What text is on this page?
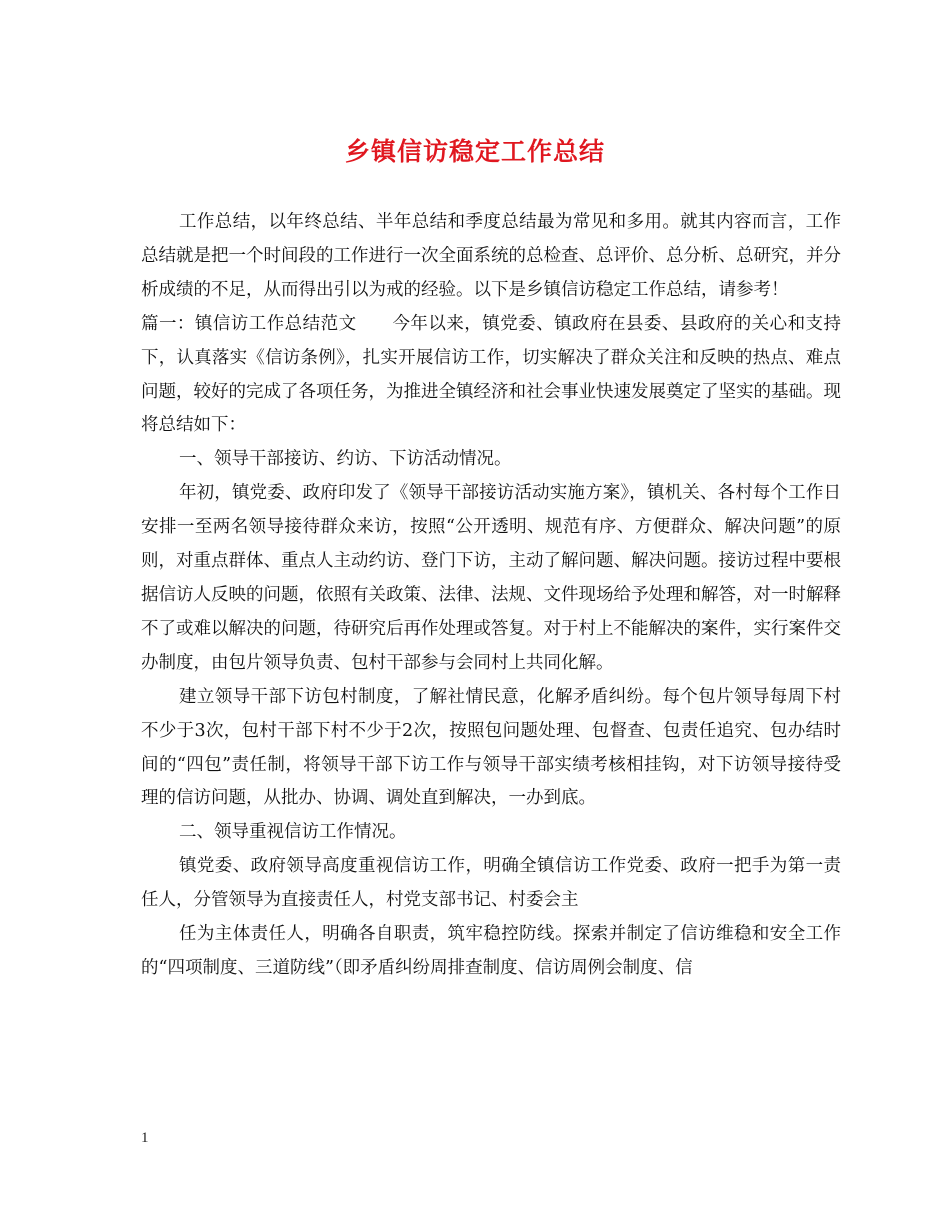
乡镇信访稳定工作总结

工作总结，以年终总结、半年总结和季度总结最为常见和多用。就其内容而言，工作总结就是把一个时间段的工作进行一次全面系统的总检查、总评价、总分析、总研究，并分析成绩的不足，从而得出引以为戒的经验。以下是乡镇信访稳定工作总结，请参考！

篇一：镇信访工作总结范文　　今年以来，镇党委、镇政府在县委、县政府的关心和支持下，认真落实《信访条例》，扎实开展信访工作，切实解决了群众关注和反映的热点、难点问题，较好的完成了各项任务，为推进全镇经济和社会事业快速发展奠定了坚实的基础。现将总结如下：

一、领导干部接访、约访、下访活动情况。

年初，镇党委、政府印发了《领导干部接访活动实施方案》，镇机关、各村每个工作日安排一至两名领导接待群众来访，按照“公开透明、规范有序、方便群众、解决问题”的原则，对重点群体、重点人主动约访、登门下访，主动了解问题、解决问题。接访过程中要根据信访人反映的问题，依照有关政策、法律、法规、文件现场给予处理和解答，对一时解释不了或难以解决的问题，待研究后再作处理或答复。对于村上不能解决的案件，实行案件交办制度，由包片领导负责、包村干部参与会同村上共同化解。

建立领导干部下访包村制度，了解社情民意，化解矛盾纠纷。每个包片领导每周下村不少于3次，包村干部下村不少于2次，按照包问题处理、包督查、包责任追究、包办结时间的“四包”责任制，将领导干部下访工作与领导干部实绩考核相挂钩，对下访领导接待受理的信访问题，从批办、协调、调处直到解决，一办到底。

二、领导重视信访工作情况。

镇党委、政府领导高度重视信访工作，明确全镇信访工作党委、政府一把手为第一责任人，分管领导为直接责任人，村党支部书记、村委会主

任为主体责任人，明确各自职责，筑牢稳控防线。探索并制定了信访维稳和安全工作的“四项制度、三道防线”（即矛盾纠纷周排查制度、信访周例会制度、信

1
